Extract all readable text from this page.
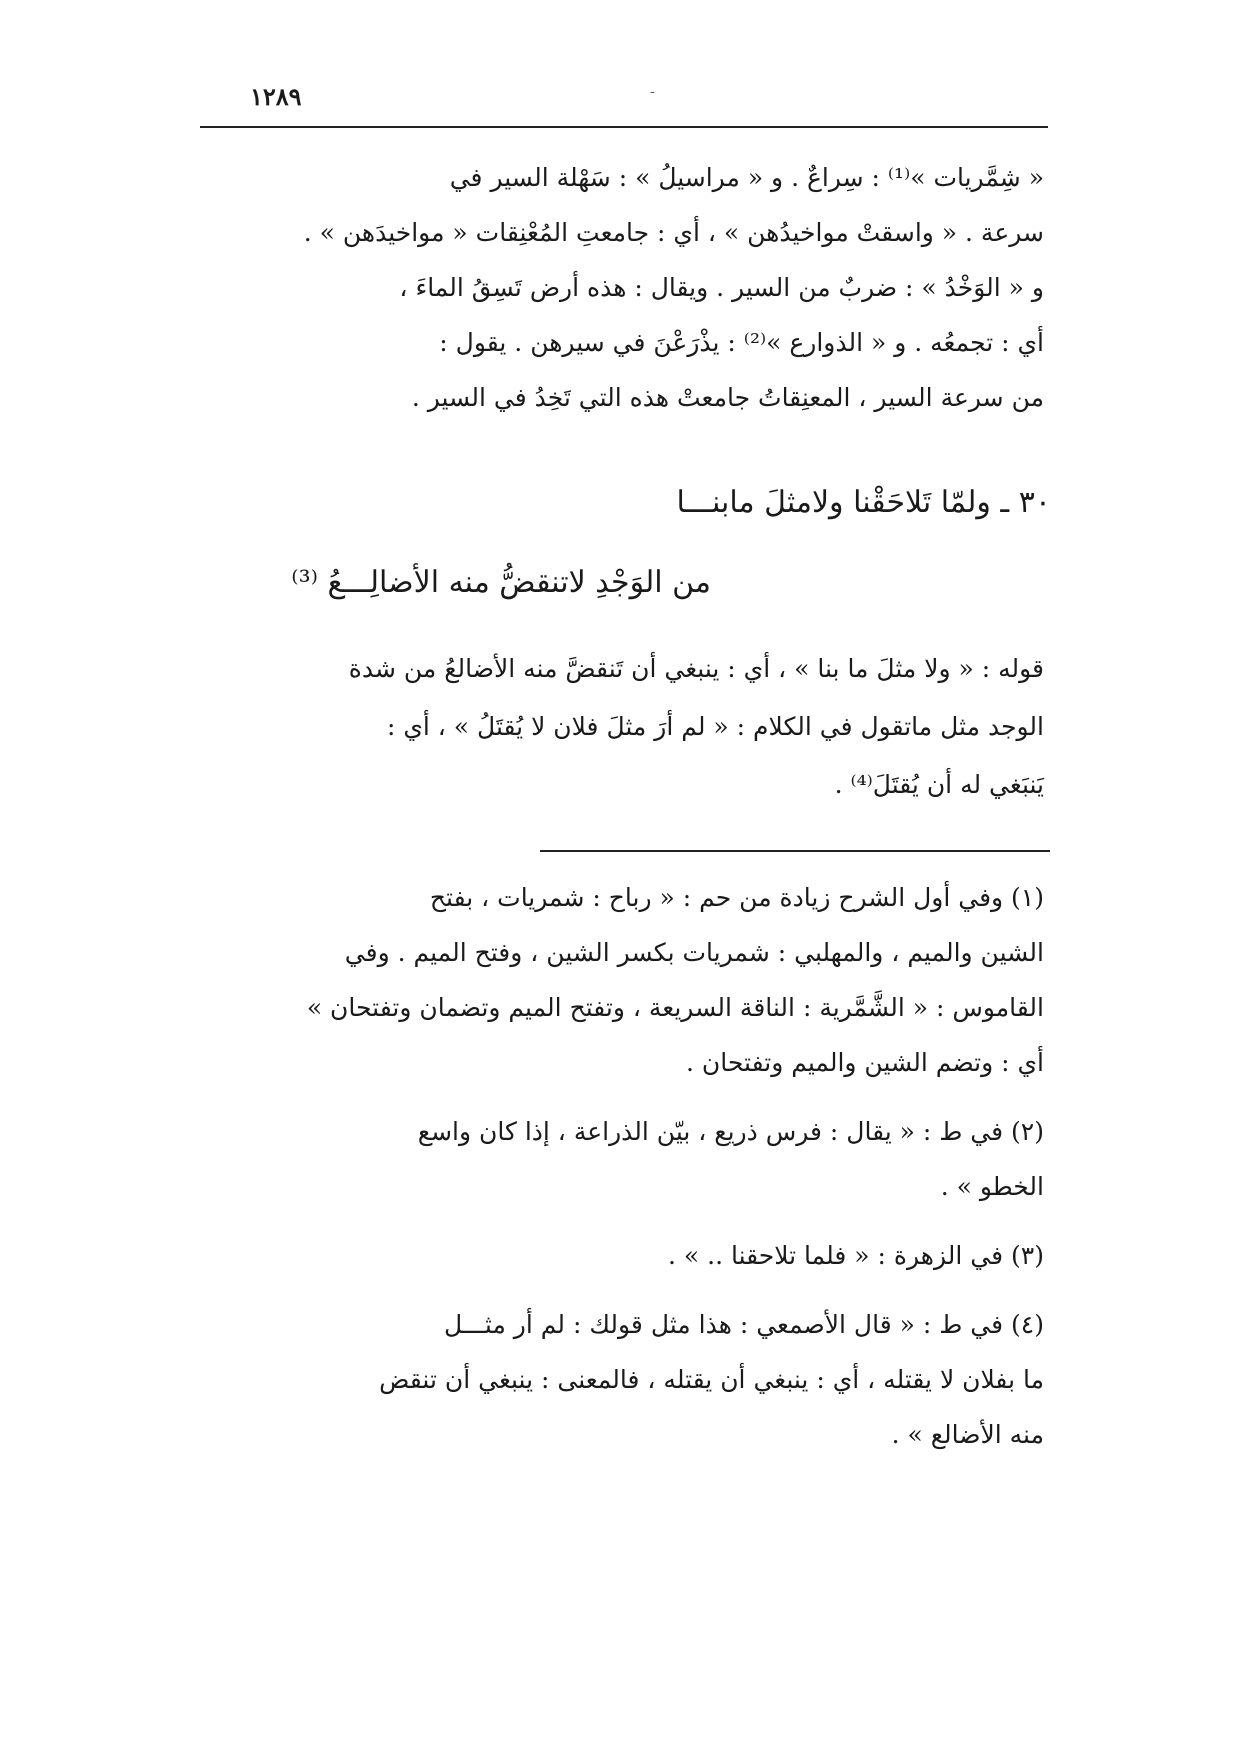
١٢٨٩	-

« شِمَّريات »⁽¹⁾ : سِراعٌ . و « مراسيلُ » : سَهْلة السير في

سرعة . « واسقتْ مواخيدُهن » ، أي : جامعتِ المُعْنِقات « مواخيدَهن » .

و « الوَخْدُ » : ضربٌ من السير . ويقال : هذه أرض تَسِقُ الماءَ ،

أي : تجمعُه . و « الذوارع »⁽²⁾ : يذْرَعْنَ في سيرهن . يقول :

من سرعة السير ، المعنِقاتُ جامعتْ هذه التي تَخِدُ في السير .

٣٠ ـ ولمّا تَلاحَقْنا ولامثلَ مابنـــا
من الوَجْدِ لاتنقضُّ منه الأضالِـــعُ ⁽³⁾

قوله : « ولا مثلَ ما بنا » ، أي : ينبغي أن تَنقضَّ منه الأضالعُ من شدة

الوجد مثل ماتقول في الكلام : « لم أرَ مثلَ فلان لا يُقتَلُ » ، أي :

يَنبَغي له أن يُقتَلَ⁽⁴⁾ .

(١) وفي أول الشرح زيادة من حم : « رباح : شمريات ، بفتح
الشين والميم ، والمهلبي : شمريات بكسر الشين ، وفتح الميم . وفي
القاموس : « الشَّمَّرية : الناقة السريعة ، وتفتح الميم وتضمان وتفتحان »
أي : وتضم الشين والميم وتفتحان .
(٢) في ط : « يقال : فرس ذريع ، بيّن الذراعة ، إذا كان واسع
الخطو » .
(٣) في الزهرة : « فلما تلاحقنا .. » .
(٤) في ط : « قال الأصمعي : هذا مثل قولك : لم أر مثـــل
ما بفلان لا يقتله ، أي : ينبغي أن يقتله ، فالمعنى : ينبغي أن تنقض
منه الأضالع » .
